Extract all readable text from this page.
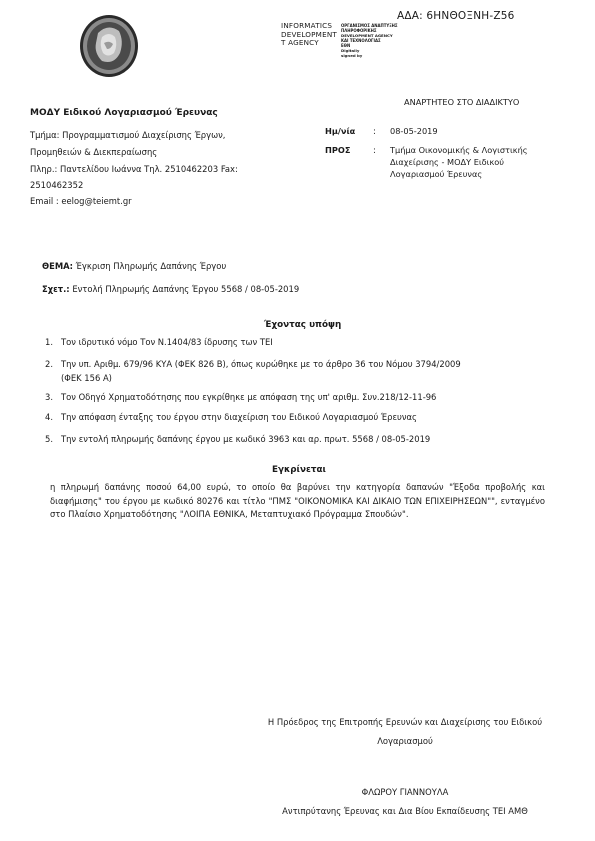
ΑΔΑ: 6ΗΝΘΟΞΝΗ-Ζ56
INFORMATICS
DEVELOPMENT
T AGENCY
ΟΡΓΑΝΙΣΜΟΣ ΑΝΑΠΤΥΞΗΣ
ΠΛΗΡΟΦΟΡΙΚΗΣ
DEVELOPMENT AGENCY
ΚΑΙ ΤΕΧΝΟΛΟΓΙΑΣ
ΕΘΝ
Digitally
signed by
ΑΝΑΡΤΗΤΕΟ ΣΤΟ ΔΙΑΔΙΚΤΥΟ
ΜΟΔΥ Ειδικού Λογαριασμού Έρευνας
Τμήμα: Προγραμματισμού Διαχείρισης Έργων,
Προμηθειών & Διεκπεραίωσης
Πληρ.: Παντελίδου Ιωάννα Τηλ. 2510462203 Fax:
2510462352
Email : eelog@teiemt.gr
Ημ/νία : 08-05-2019
ΠΡΟΣ	: Τμήμα Οικονομικής & Λογιστικής
Διαχείρισης - ΜΟΔΥ Ειδικού
Λογαριασμού Έρευνας
ΘΕΜΑ: Έγκριση Πληρωμής Δαπάνης Έργου
Σχετ.: Εντολή Πληρωμής Δαπάνης Έργου 5568 / 08-05-2019
Έχοντας υπόψη
1. Τον ιδρυτικό νόμο Τον Ν.1404/83 ίδρυσης των ΤΕΙ
2. Την υπ. Αριθμ. 679/96 ΚΥΑ (ΦΕΚ 826 Β), όπως κυρώθηκε με το άρθρο 36 του Νόμου 3794/2009
(ΦΕΚ 156 Α)
3. Τον Οδηγό Χρηματοδότησης που εγκρίθηκε με απόφαση της υπ' αριθμ. Συν.218/12-11-96
4. Την απόφαση ένταξης του έργου στην διαχείριση του Ειδικού Λογαριασμού Έρευνας
5. Την εντολή πληρωμής δαπάνης έργου με κωδικό 3963 και αρ. πρωτ. 5568 / 08-05-2019
Εγκρίνεται
η πληρωμή δαπάνης ποσού 64,00 ευρώ, το οποίο θα βαρύνει την κατηγορία δαπανών "Έξοδα προβολής και διαφήμισης" του έργου με κωδικό 80276 και τίτλο "ΠΜΣ "ΟΙΚΟΝΟΜΙΚΑ ΚΑΙ ΔΙΚΑΙΟ ΤΩΝ ΕΠΙΧΕΙΡΗΣΕΩΝ"", ενταγμένο στο Πλαίσιο Χρηματοδότησης "ΛΟΙΠΑ ΕΘΝΙΚΑ, Μεταπτυχιακό Πρόγραμμα Σπουδών".
Η Πρόεδρος της Επιτροπής Ερευνών και Διαχείρισης του Ειδικού
Λογαριασμού
ΦΛΩΡΟΥ ΓΙΑΝΝΟΥΛΑ
Αντιπρύτανης Έρευνας και Δια Βίου Εκπαίδευσης ΤΕΙ ΑΜΘ
